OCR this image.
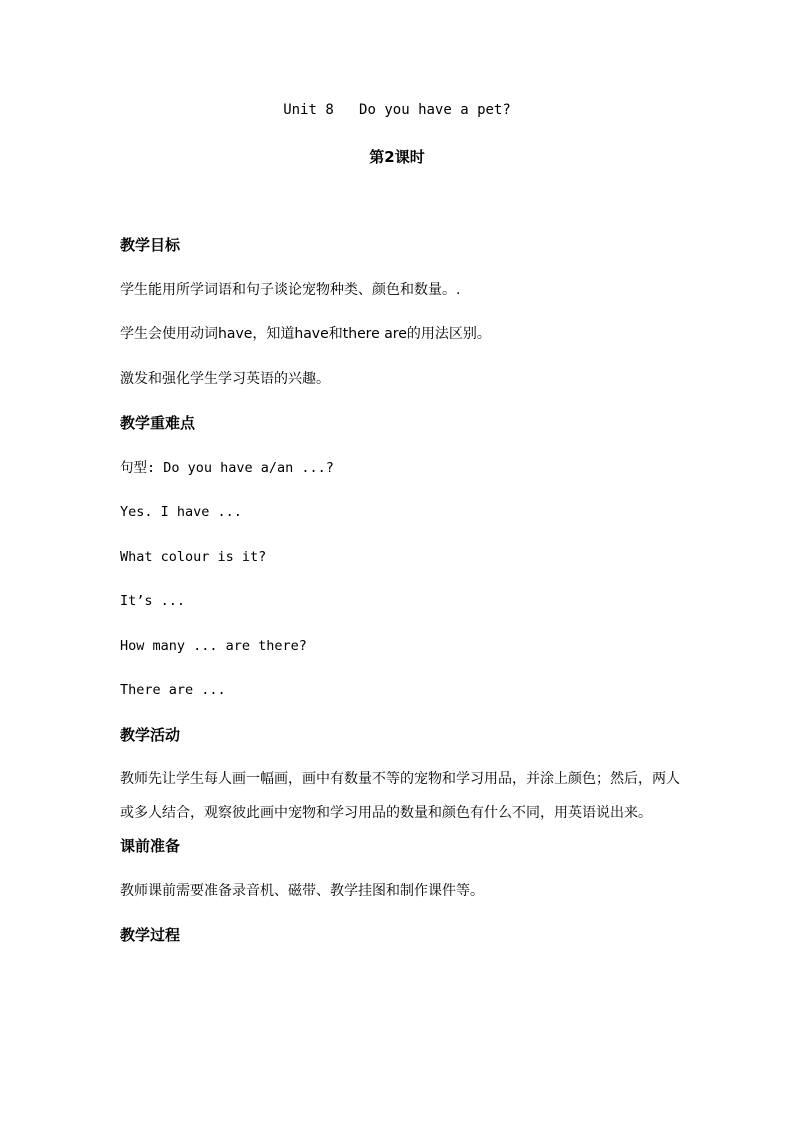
Unit 8   Do you have a pet?
第2课时
教学目标
学生能用所学词语和句子谈论宠物种类、颜色和数量。.
学生会使用动词have，知道have和there are的用法区别。
激发和强化学生学习英语的兴趣。
教学重难点
句型: Do you have a/an ...?
Yes. I have ...
What colour is it?
It’s ...
How many ... are there?
There are ...
教学活动
教师先让学生每人画一幅画，画中有数量不等的宠物和学习用品，并涂上颜色；然后，两人或多人结合，观察彼此画中宠物和学习用品的数量和颜色有什么不同，用英语说出来。
课前准备
教师课前需要准备录音机、磁带、教学挂图和制作课件等。
教学过程
